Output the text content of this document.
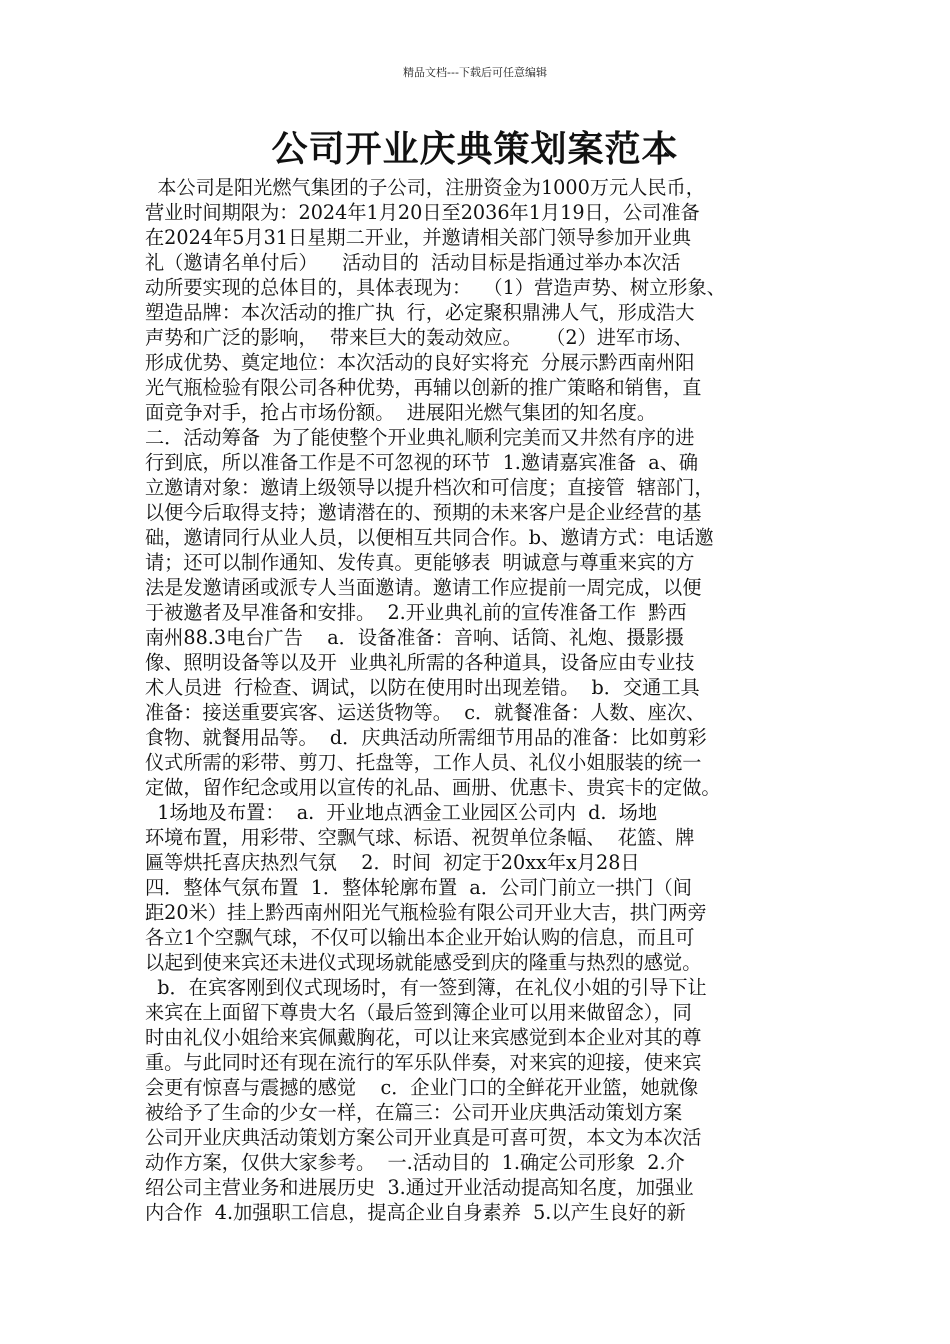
精品文档---下载后可任意编辑
公司开业庆典策划案范本
本公司是阳光燃气集团的子公司，注册资金为1000万元人民币，
营业时间期限为：2024年1月20日至2036年1月19日，公司准备
在2024年5月31日星期二开业，并邀请相关部门领导参加开业典
礼（邀请名单付后）    活动目的  活动目标是指通过举办本次活
动所要实现的总体目的，具体表现为：  （1）营造声势、树立形象、
塑造品牌：本次活动的推广执  行，必定聚积鼎沸人气，形成浩大
声势和广泛的影响，  带来巨大的轰动效应。    （2）进军市场、
形成优势、奠定地位：本次活动的良好实将充  分展示黔西南州阳
光气瓶检验有限公司各种优势，再辅以创新的推广策略和销售，直
面竞争对手，抢占市场份额。  进展阳光燃气集团的知名度。
二．活动筹备  为了能使整个开业典礼顺利完美而又井然有序的进
行到底，所以准备工作是不可忽视的环节  1.邀请嘉宾准备  a、确
立邀请对象：邀请上级领导以提升档次和可信度；直接管  辖部门，
以便今后取得支持；邀请潜在的、预期的未来客户是企业经营的基
础，邀请同行从业人员，以便相互共同合作。b、邀请方式：电话邀
请；还可以制作通知、发传真。更能够表  明诚意与尊重来宾的方
法是发邀请函或派专人当面邀请。邀请工作应提前一周完成，以便
于被邀者及早准备和安排。  2.开业典礼前的宣传准备工作  黔西
南州88.3电台广告    a．设备准备：音响、话筒、礼炮、摄影摄
像、照明设备等以及开  业典礼所需的各种道具，设备应由专业技
术人员进  行检查、调试，以防在使用时出现差错。  b．交通工具
准备：接送重要宾客、运送货物等。  c．就餐准备：人数、座次、
食物、就餐用品等。  d．庆典活动所需细节用品的准备：比如剪彩
仪式所需的彩带、剪刀、托盘等，工作人员、礼仪小姐服装的统一
定做，留作纪念或用以宣传的礼品、画册、优惠卡、贵宾卡的定做。
1场地及布置：  a.  开业地点洒金工业园区公司内  d.  场地
环境布置，用彩带、空飘气球、标语、祝贺单位条幅、  花篮、牌
匾等烘托喜庆热烈气氛    2．时间  初定于20xx年x月28日
四．整体气氛布置  1．整体轮廓布置  a．公司门前立一拱门（间
距20米）挂上黔西南州阳光气瓶检验有限公司开业大吉，拱门两旁
各立1个空飘气球，不仅可以输出本企业开始认购的信息，而且可
以起到使来宾还未进仪式现场就能感受到庆的隆重与热烈的感觉。
b．在宾客刚到仪式现场时，有一签到簿，在礼仪小姐的引导下让
来宾在上面留下尊贵大名（最后签到簿企业可以用来做留念），同
时由礼仪小姐给来宾佩戴胸花，可以让来宾感觉到本企业对其的尊
重。与此同时还有现在流行的军乐队伴奏，对来宾的迎接，使来宾
会更有惊喜与震撼的感觉    c．企业门口的全鲜花开业篮，她就像
被给予了生命的少女一样，在篇三：公司开业庆典活动策划方案
公司开业庆典活动策划方案公司开业真是可喜可贺，本文为本次活
动作方案，仅供大家参考。  一.活动目的  1.确定公司形象  2.介
绍公司主营业务和进展历史  3.通过开业活动提高知名度，加强业
内合作  4.加强职工信息，提高企业自身素养  5.以产生良好的新
